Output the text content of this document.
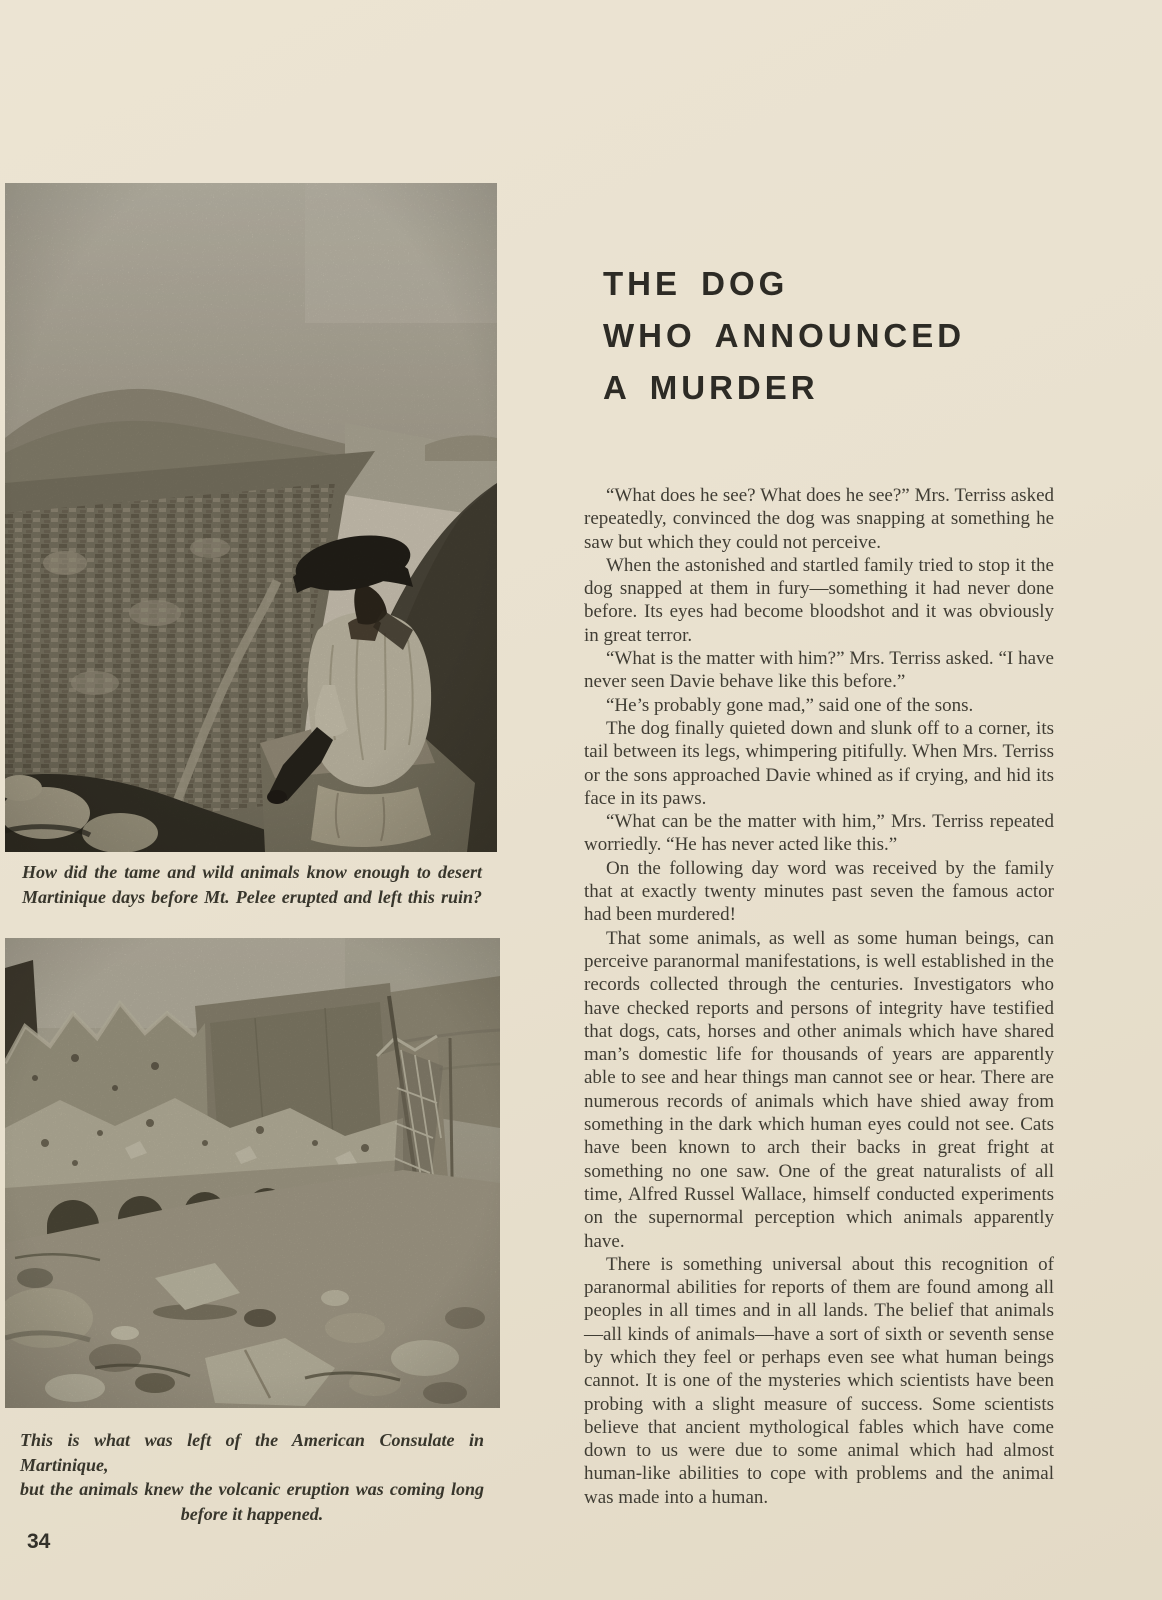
How did the tame and wild animals know enough to desert
Martinique days before Mt. Pelee erupted and left this ruin?
This is what was left of the American Consulate in Martinique,
but the animals knew the volcanic eruption was coming long
before it happened.
THE DOG
WHO ANNOUNCED
A MURDER

“What does he see? What does he see?” Mrs. Terriss asked repeatedly, convinced the dog was snapping at something he saw but which they could not perceive.

When the astonished and startled family tried to stop it the dog snapped at them in fury—something it had never done before. Its eyes had become bloodshot and it was obviously in great terror.

“What is the matter with him?” Mrs. Terriss asked. “I have never seen Davie behave like this before.”

“He’s probably gone mad,” said one of the sons.

The dog finally quieted down and slunk off to a corner, its tail between its legs, whimpering pitifully. When Mrs. Terriss or the sons approached Davie whined as if crying, and hid its face in its paws.

“What can be the matter with him,” Mrs. Terriss repeated worriedly. “He has never acted like this.”

On the following day word was received by the family that at exactly twenty minutes past seven the famous actor had been murdered!

That some animals, as well as some human beings, can perceive paranormal manifestations, is well established in the records collected through the centuries. Investigators who have checked reports and persons of integrity have testified that dogs, cats, horses and other animals which have shared man’s domestic life for thousands of years are apparently able to see and hear things man cannot see or hear. There are numerous records of animals which have shied away from something in the dark which human eyes could not see. Cats have been known to arch their backs in great fright at something no one saw. One of the great naturalists of all time, Alfred Russel Wallace, himself conducted experiments on the supernormal perception which animals apparently have.

There is something universal about this recognition of paranormal abilities for reports of them are found among all peoples in all times and in all lands. The belief that animals—all kinds of animals—have a sort of sixth or seventh sense by which they feel or perhaps even see what human beings cannot. It is one of the mysteries which scientists have been probing with a slight measure of success. Some scientists believe that ancient mythological fables which have come down to us were due to some animal which had almost human-like abilities to cope with problems and the animal was made into a human.

34
